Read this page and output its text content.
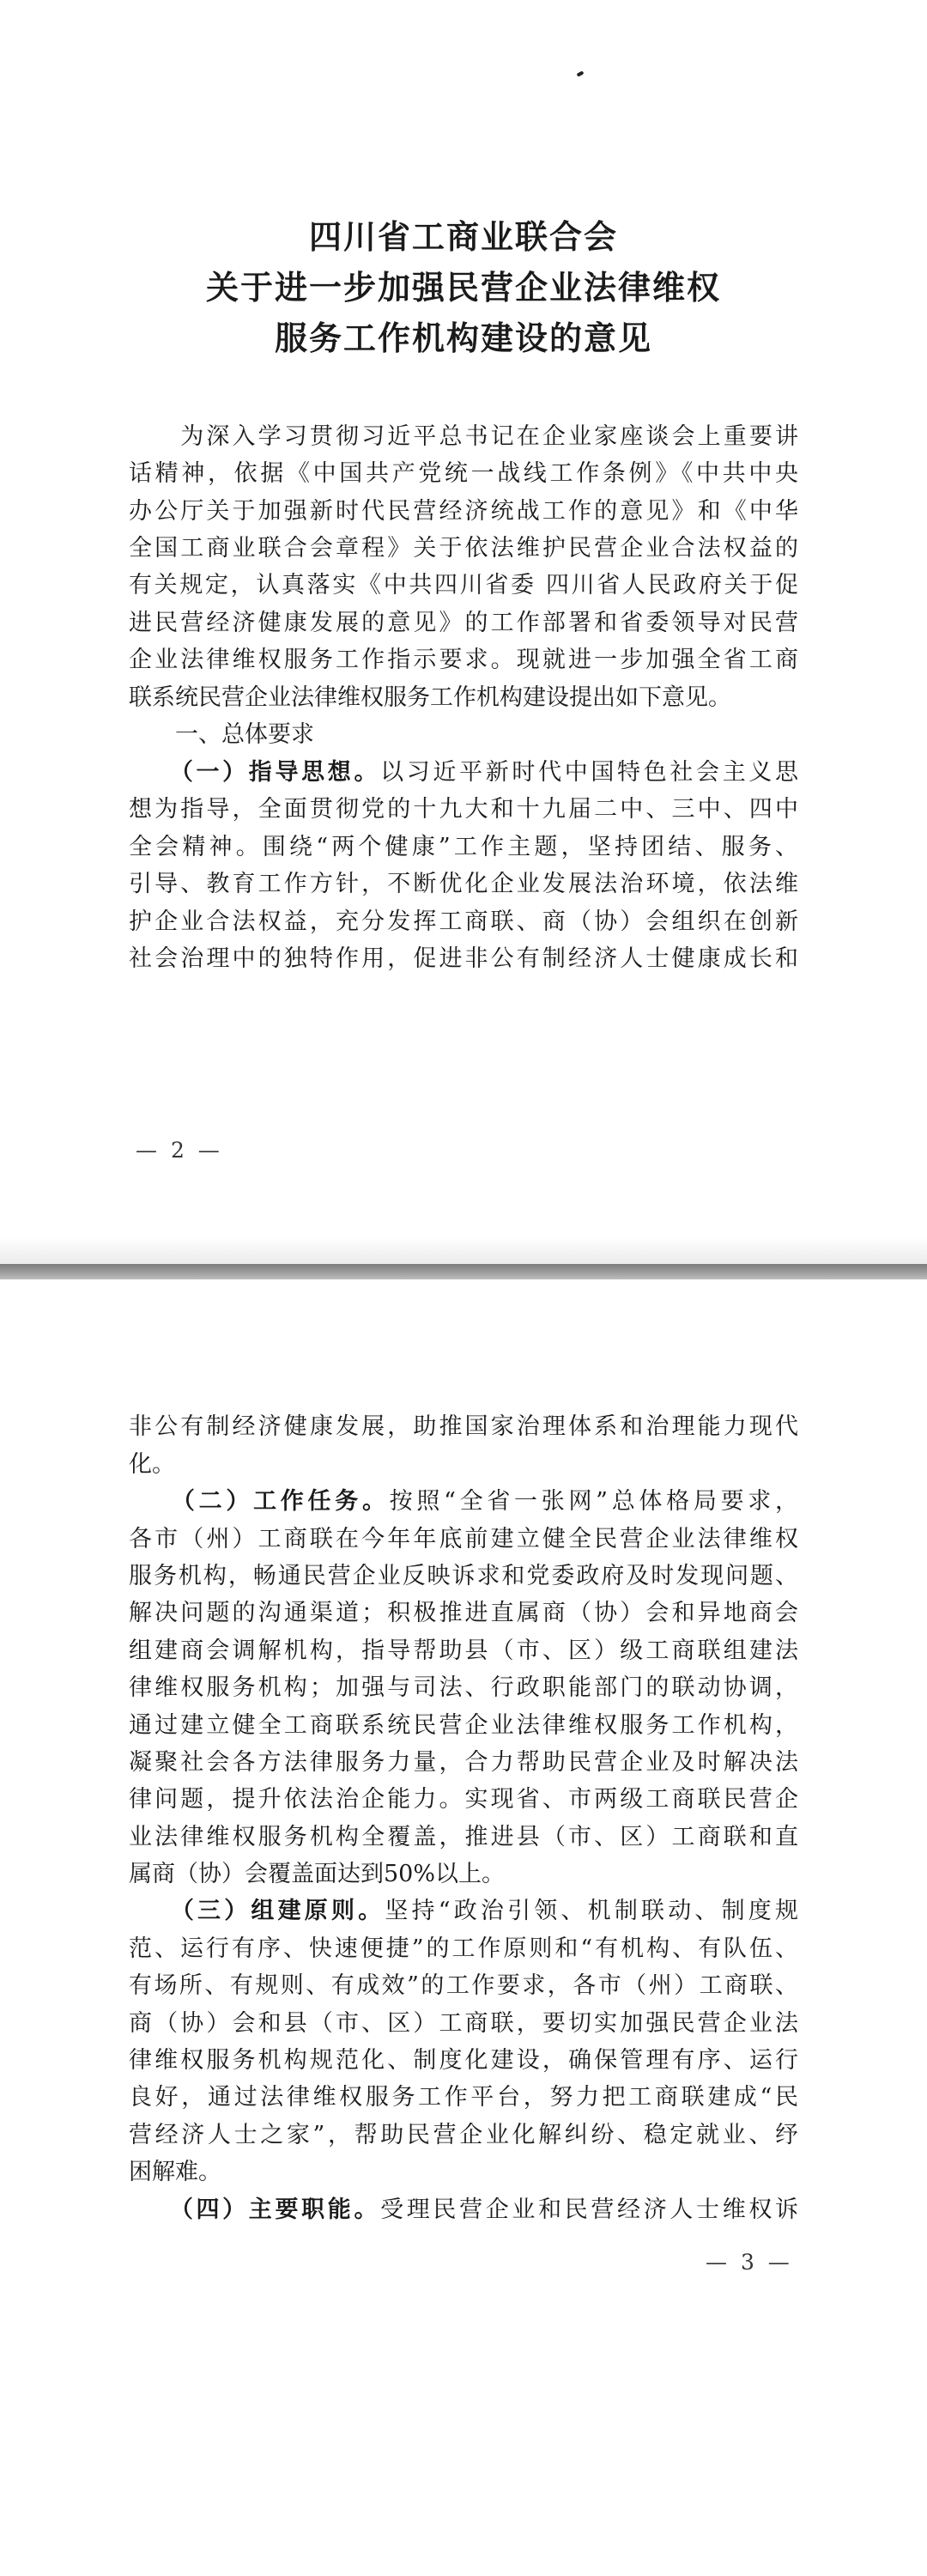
四川省工商业联合会
关于进一步加强民营企业法律维权
服务工作机构建设的意见
　　为深入学习贯彻习近平总书记在企业家座谈会上重要讲
话精神，依据《中国共产党统一战线工作条例》《中共中央
办公厅关于加强新时代民营经济统战工作的意见》和《中华
全国工商业联合会章程》关于依法维护民营企业合法权益的
有关规定，认真落实《中共四川省委 四川省人民政府关于促
进民营经济健康发展的意见》的工作部署和省委领导对民营
企业法律维权服务工作指示要求。现就进一步加强全省工商
联系统民营企业法律维权服务工作机构建设提出如下意见。
　　一、总体要求
　　（一）指导思想。以习近平新时代中国特色社会主义思
想为指导，全面贯彻党的十九大和十九届二中、三中、四中
全会精神。围绕“两个健康”工作主题，坚持团结、服务、
引导、教育工作方针，不断优化企业发展法治环境，依法维
护企业合法权益，充分发挥工商联、商（协）会组织在创新
社会治理中的独特作用，促进非公有制经济人士健康成长和
— 2 —
非公有制经济健康发展，助推国家治理体系和治理能力现代
化。
　　（二）工作任务。按照“全省一张网”总体格局要求，
各市（州）工商联在今年年底前建立健全民营企业法律维权
服务机构，畅通民营企业反映诉求和党委政府及时发现问题、
解决问题的沟通渠道；积极推进直属商（协）会和异地商会
组建商会调解机构，指导帮助县（市、区）级工商联组建法
律维权服务机构；加强与司法、行政职能部门的联动协调，
通过建立健全工商联系统民营企业法律维权服务工作机构，
凝聚社会各方法律服务力量，合力帮助民营企业及时解决法
律问题，提升依法治企能力。实现省、市两级工商联民营企
业法律维权服务机构全覆盖，推进县（市、区）工商联和直
属商（协）会覆盖面达到50%以上。
　　（三）组建原则。坚持“政治引领、机制联动、制度规
范、运行有序、快速便捷”的工作原则和“有机构、有队伍、
有场所、有规则、有成效”的工作要求，各市（州）工商联、
商（协）会和县（市、区）工商联，要切实加强民营企业法
律维权服务机构规范化、制度化建设，确保管理有序、运行
良好，通过法律维权服务工作平台，努力把工商联建成“民
营经济人士之家”，帮助民营企业化解纠纷、稳定就业、纾
困解难。
　　（四）主要职能。受理民营企业和民营经济人士维权诉
— 3 —
